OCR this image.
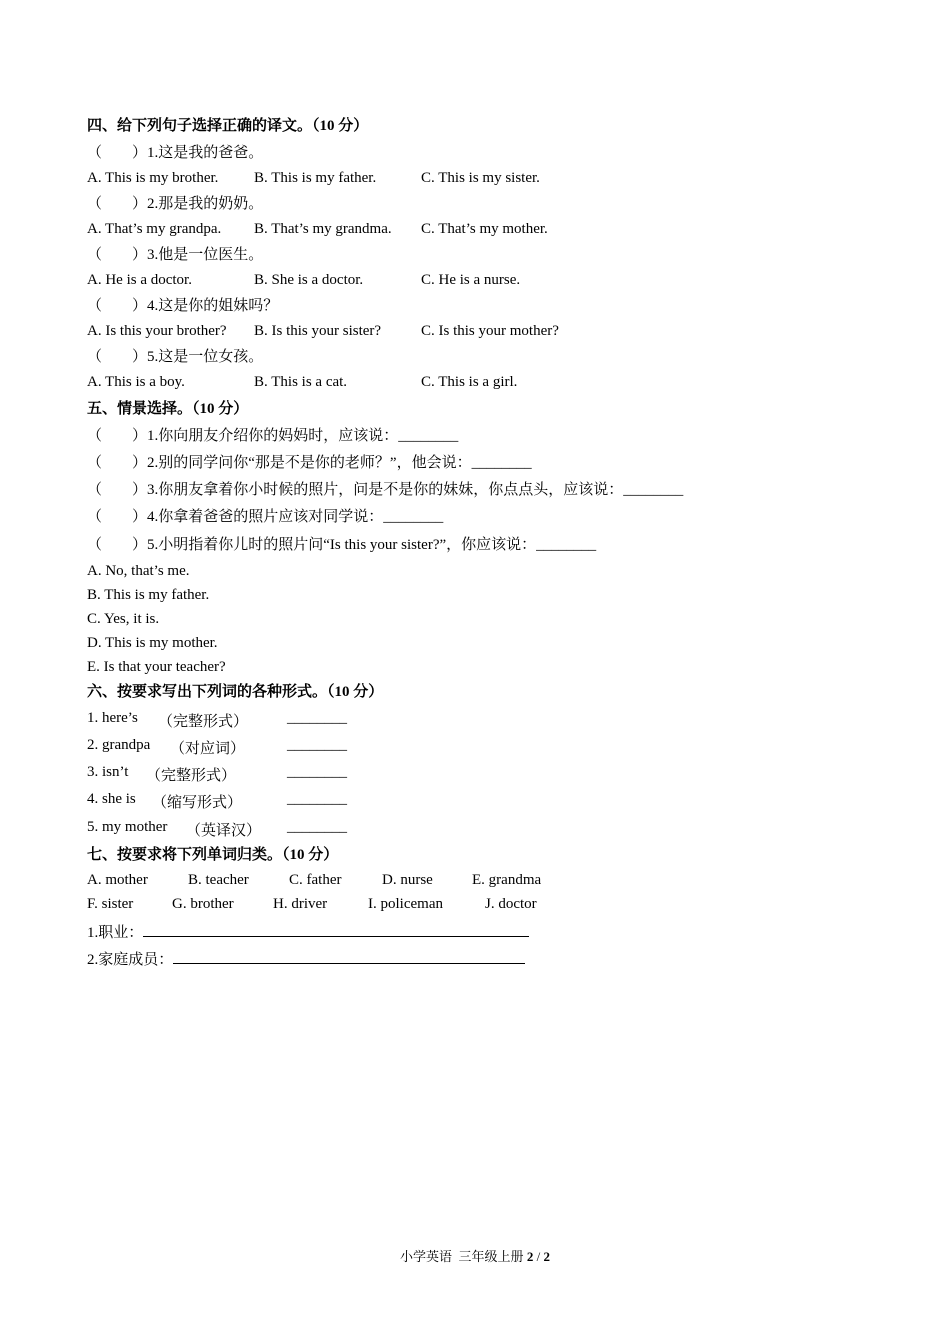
四、给下列句子选择正确的译文。（10 分）
（        ）1.这是我的爸爸。
A. This is my brother. B. This is my father.	C. This is my sister.
（        ）2.那是我的奶奶。
A. That’s my grandpa. B. That’s my grandma. C. That’s my mother.
（        ）3.他是一位医生。
A. He is a doctor.	B. She is a doctor.	C. He is a nurse.
（        ）4.这是你的姐妹吗？
A. Is this your brother? B. Is this your sister?	C. Is this your mother?
（        ）5.这是一位女孩。
A. This is a boy.	B. This is a cat.	C. This is a girl.
五、情景选择。（10 分）
（        ）1.你向朋友介绍你的妈妈时，应该说：________
（        ）2.别的同学问你“那是不是你的老师？”，他会说：________
（        ）3.你朋友拿着你小时候的照片，问是不是你的妹妹，你点点头，应该说：________
（        ）4.你拿着爸爸的照片应该对同学说：________
（        ）5.小明指着你儿时的照片问“Is this your sister?”，你应该说：________
A. No, that’s me.
B. This is my father.
C. Yes, it is.
D. This is my mother.
E. Is that your teacher?
六、按要求写出下列词的各种形式。（10 分）
1. here’s （完整形式）	________
2. grandpa （对应词）	________
3. isn’t （完整形式）	________
4. she is （缩写形式）	________
5. my mother （英译汉） ________
七、按要求将下列单词归类。（10 分）
A. mother	B. teacher	C. father	D. nurse	E. grandma
F. sister	G. brother	H. driver	I. policeman	J. doctor
1.职业：
2.家庭成员：
小学英语  三年级上册 2 / 2
